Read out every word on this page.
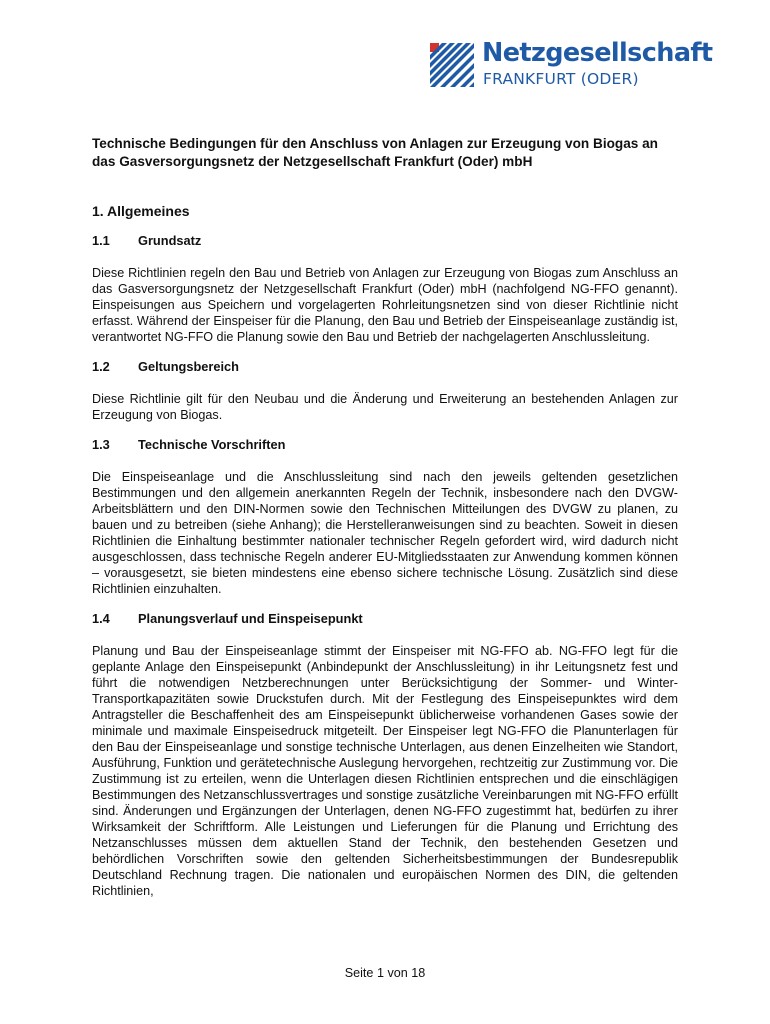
Netzgesellschaft
FRANKFURT (ODER)
Technische Bedingungen für den Anschluss von Anlagen zur Erzeugung von Biogas an das Gasversorgungsnetz der Netzgesellschaft Frankfurt (Oder) mbH
1. Allgemeines
1.1	Grundsatz
Diese Richtlinien regeln den Bau und Betrieb von Anlagen zur Erzeugung von Biogas zum Anschluss an das Gasversorgungsnetz der Netzgesellschaft Frankfurt (Oder) mbH (nachfolgend NG-FFO genannt). Einspeisungen aus Speichern und vorgelagerten Rohrleitungsnetzen sind von dieser Richtlinie nicht erfasst. Während der Einspeiser für die Planung, den Bau und Betrieb der Einspeiseanlage zuständig ist, verantwortet NG-FFO die Planung sowie den Bau und Betrieb der nachgelagerten Anschlussleitung.
1.2	Geltungsbereich
Diese Richtlinie gilt für den Neubau und die Änderung und Erweiterung an bestehenden Anlagen zur Erzeugung von Biogas.
1.3	Technische Vorschriften
Die Einspeiseanlage und die Anschlussleitung sind nach den jeweils geltenden gesetzlichen Bestimmungen und den allgemein anerkannten Regeln der Technik, insbesondere nach den DVGW-Arbeitsblättern und den DIN-Normen sowie den Technischen Mitteilungen des DVGW zu planen, zu bauen und zu betreiben (siehe Anhang); die Herstelleranweisungen sind zu beachten. Soweit in diesen Richtlinien die Einhaltung bestimmter nationaler technischer Regeln gefordert wird, wird dadurch nicht ausgeschlossen, dass technische Regeln anderer EU-Mitgliedsstaaten zur Anwendung kommen können – vorausgesetzt, sie bieten mindestens eine ebenso sichere technische Lösung. Zusätzlich sind diese Richtlinien einzuhalten.
1.4	Planungsverlauf und Einspeisepunkt
Planung und Bau der Einspeiseanlage stimmt der Einspeiser mit NG-FFO ab. NG-FFO legt für die geplante Anlage den Einspeisepunkt (Anbindepunkt der Anschlussleitung) in ihr Leitungsnetz fest und führt die notwendigen Netzberechnungen unter Berücksichtigung der Sommer- und Winter-Transportkapazitäten sowie Druckstufen durch. Mit der Festlegung des Einspeisepunktes wird dem Antragsteller die Beschaffenheit des am Einspeisepunkt üblicherweise vorhandenen Gases sowie der minimale und maximale Einspeisedruck mitgeteilt. Der Einspeiser legt NG-FFO die Planunterlagen für den Bau der Einspeiseanlage und sonstige technische Unterlagen, aus denen Einzelheiten wie Standort, Ausführung, Funktion und gerätetechnische Auslegung hervorgehen, rechtzeitig zur Zustimmung vor. Die Zustimmung ist zu erteilen, wenn die Unterlagen diesen Richtlinien entsprechen und die einschlägigen Bestimmungen des Netzanschlussvertrages und sonstige zusätzliche Vereinbarungen mit NG-FFO erfüllt sind. Änderungen und Ergänzungen der Unterlagen, denen NG-FFO zugestimmt hat, bedürfen zu ihrer Wirksamkeit der Schriftform. Alle Leistungen und Lieferungen für die Planung und Errichtung des Netzanschlusses müssen dem aktuellen Stand der Technik, den bestehenden Gesetzen und behördlichen Vorschriften sowie den geltenden Sicherheitsbestimmungen der Bundesrepublik Deutschland Rechnung tragen. Die nationalen und europäischen Normen des DIN, die geltenden Richtlinien,
Seite 1 von 18
